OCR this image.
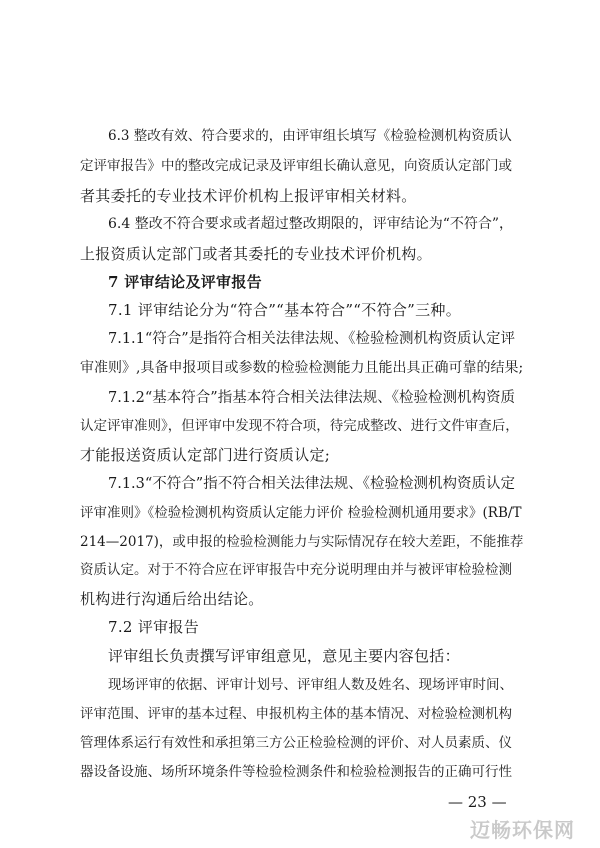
6.3 整改有效、符合要求的，由评审组长填写《检验检测机构资质认
定评审报告》中的整改完成记录及评审组长确认意见，向资质认定部门或
者其委托的专业技术评价机构上报评审相关材料。
6.4 整改不符合要求或者超过整改期限的，评审结论为“不符合”，
上报资质认定部门或者其委托的专业技术评价机构。
7 评审结论及评审报告
7.1 评审结论分为“符合”“基本符合”“不符合”三种。
7.1.1“符合”是指符合相关法律法规、《检验检测机构资质认定评
审准则》,具备申报项目或参数的检验检测能力且能出具正确可靠的结果;
7.1.2“基本符合”指基本符合相关法律法规、《检验检测机构资质
认定评审准则》，但评审中发现不符合项，待完成整改、进行文件审查后，
才能报送资质认定部门进行资质认定;
7.1.3“不符合”指不符合相关法律法规、《检验检测机构资质认定
评审准则》《检验检测机构资质认定能力评价 检验检测机通用要求》(RB/T
214—2017)，或申报的检验检测能力与实际情况存在较大差距，不能推荐
资质认定。对于不符合应在评审报告中充分说明理由并与被评审检验检测
机构进行沟通后给出结论。
7.2 评审报告
评审组长负责撰写评审组意见，意见主要内容包括：
现场评审的依据、评审计划号、评审组人数及姓名、现场评审时间、
评审范围、评审的基本过程、申报机构主体的基本情况、对检验检测机构
管理体系运行有效性和承担第三方公正检验检测的评价、对人员素质、仪
器设备设施、场所环境条件等检验检测条件和检验检测报告的正确可行性
— 23 —
迈畅环保网
